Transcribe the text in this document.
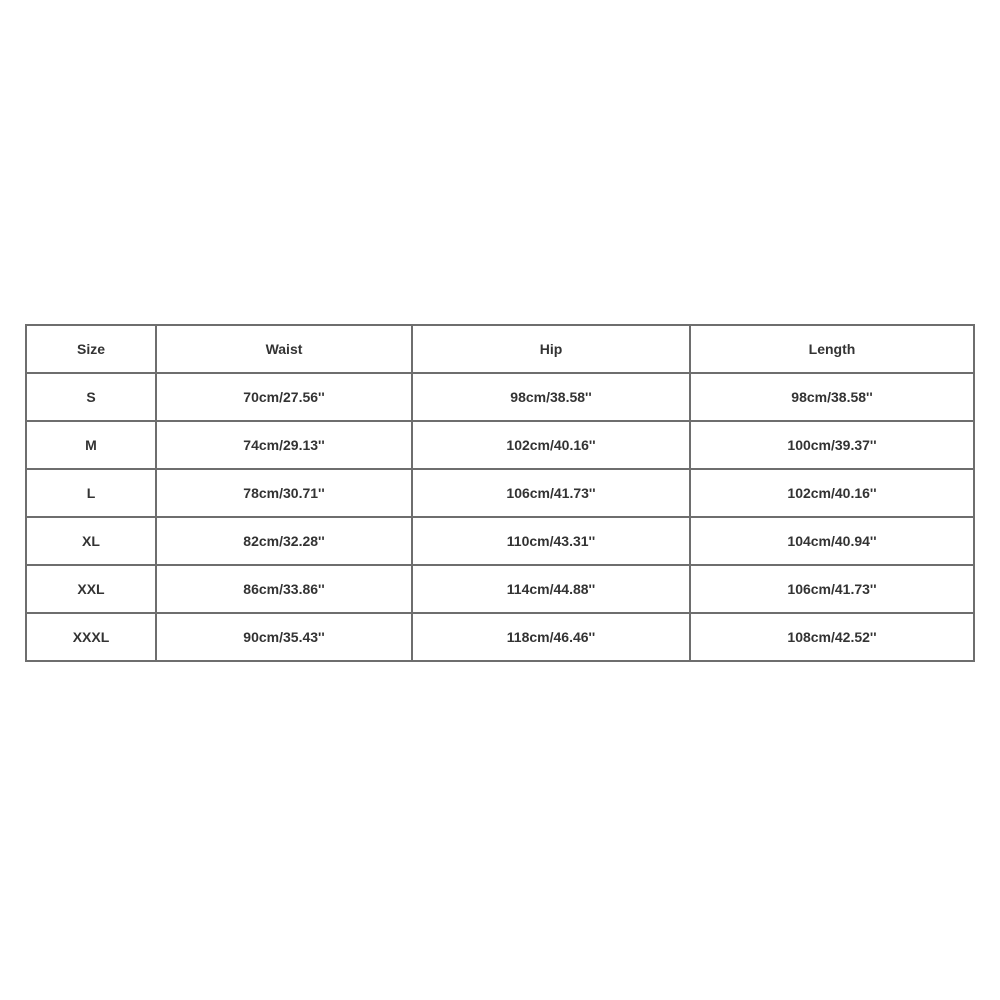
Size	Waist	Hip	Length
S	70cm/27.56''	98cm/38.58''	98cm/38.58''
M	74cm/29.13''	102cm/40.16''	100cm/39.37''
L	78cm/30.71''	106cm/41.73''	102cm/40.16''
XL	82cm/32.28''	110cm/43.31''	104cm/40.94''
XXL	86cm/33.86''	114cm/44.88''	106cm/41.73''
XXXL	90cm/35.43''	118cm/46.46''	108cm/42.52''
